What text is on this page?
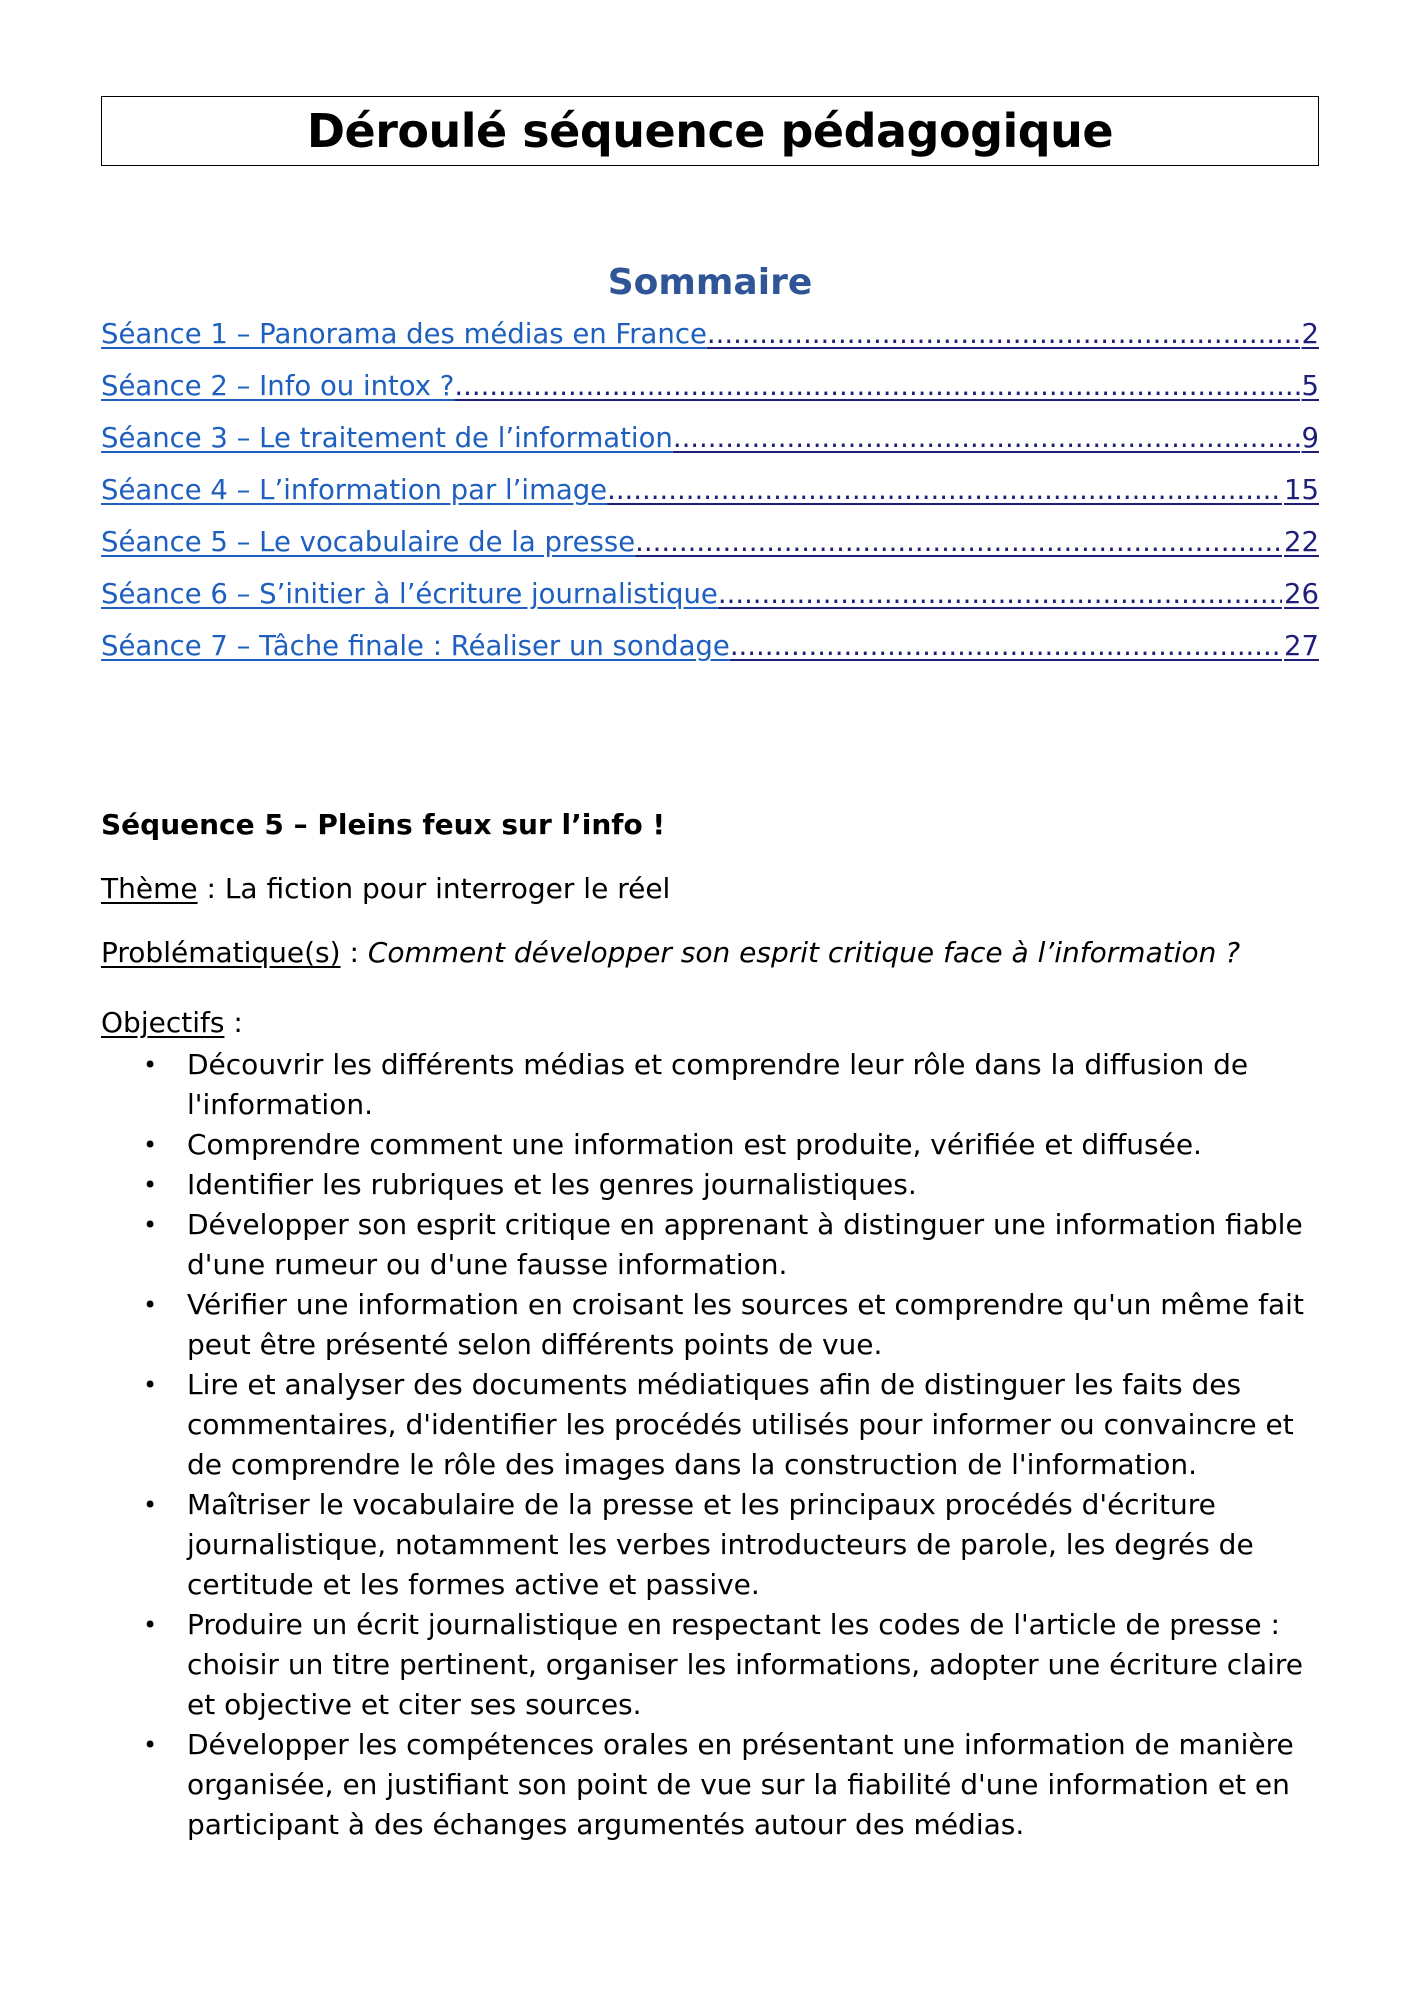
Déroulé séquence pédagogique
Sommaire
Séance 1 – Panorama des médias en France .....	2
Séance 2 – Info ou intox ? .....	5
Séance 3 – Le traitement de l’information .....	9
Séance 4 – L’information par l’image .....	15
Séance 5 – Le vocabulaire de la presse .....	22
Séance 6 – S’initier à l’écriture journalistique .....	26
Séance 7 – Tâche finale : Réaliser un sondage .....	27
Séquence 5 – Pleins feux sur l’info !
Thème : La fiction pour interroger le réel
Problématique(s) : Comment développer son esprit critique face à l’information ?
Objectifs :
• Découvrir les différents médias et comprendre leur rôle dans la diffusion de l'information.
• Comprendre comment une information est produite, vérifiée et diffusée.
• Identifier les rubriques et les genres journalistiques.
• Développer son esprit critique en apprenant à distinguer une information fiable d'une rumeur ou d'une fausse information.
• Vérifier une information en croisant les sources et comprendre qu'un même fait peut être présenté selon différents points de vue.
• Lire et analyser des documents médiatiques afin de distinguer les faits des commentaires, d'identifier les procédés utilisés pour informer ou convaincre et de comprendre le rôle des images dans la construction de l'information.
• Maîtriser le vocabulaire de la presse et les principaux procédés d'écriture journalistique, notamment les verbes introducteurs de parole, les degrés de certitude et les formes active et passive.
• Produire un écrit journalistique en respectant les codes de l'article de presse : choisir un titre pertinent, organiser les informations, adopter une écriture claire et objective et citer ses sources.
• Développer les compétences orales en présentant une information de manière organisée, en justifiant son point de vue sur la fiabilité d'une information et en participant à des échanges argumentés autour des médias.
